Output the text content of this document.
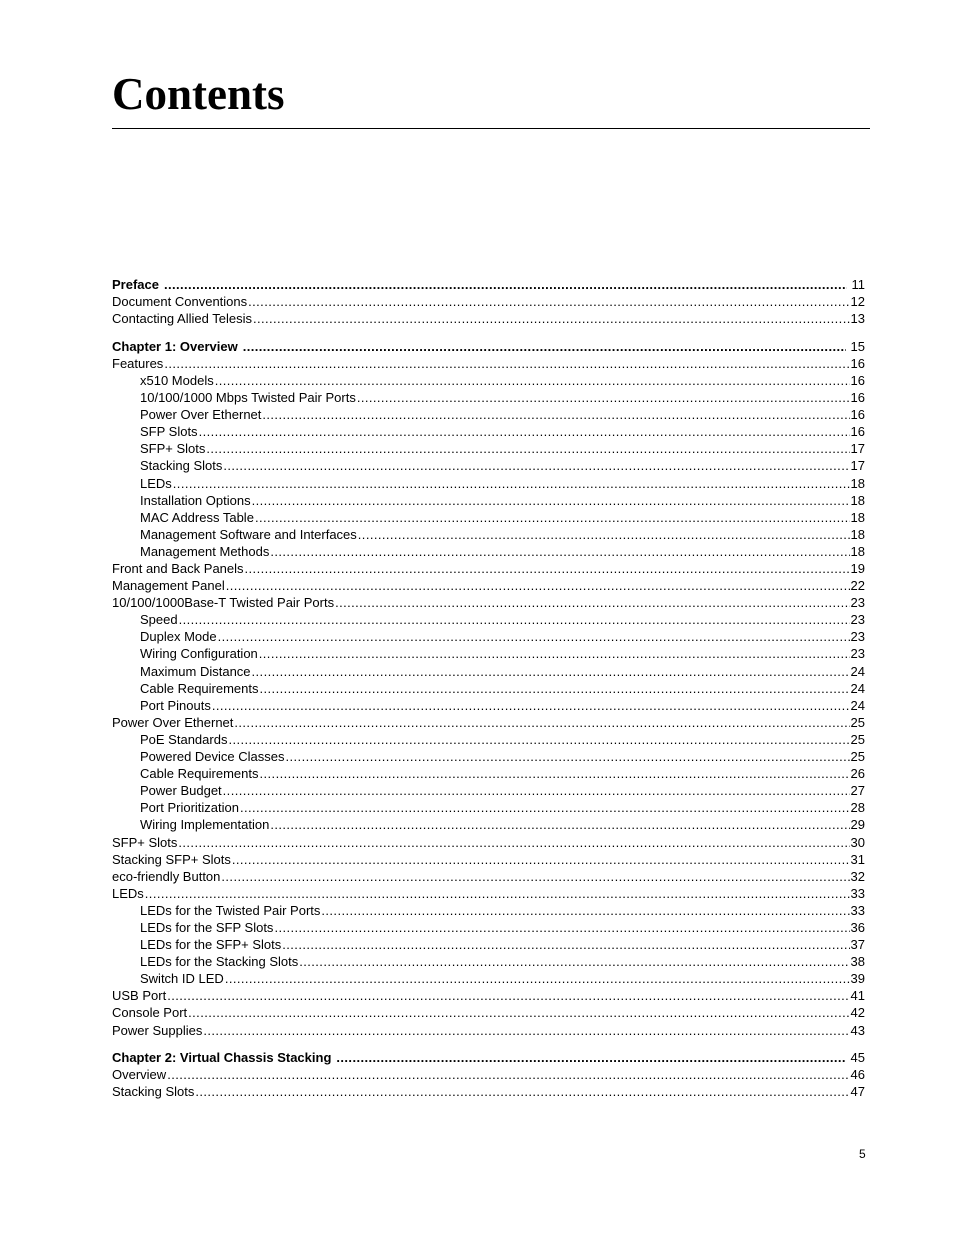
Contents
Preface .....	11
Document Conventions .....	12
Contacting Allied Telesis .....	13
Chapter 1: Overview .....	15
Features .....	16
x510 Models .....	16
10/100/1000 Mbps Twisted Pair Ports .....	16
Power Over Ethernet .....	16
SFP Slots .....	16
SFP+ Slots .....	17
Stacking Slots .....	17
LEDs .....	18
Installation Options .....	18
MAC Address Table .....	18
Management Software and Interfaces .....	18
Management Methods .....	18
Front and Back Panels .....	19
Management Panel .....	22
10/100/1000Base-T Twisted Pair Ports .....	23
Speed .....	23
Duplex Mode .....	23
Wiring Configuration .....	23
Maximum Distance .....	24
Cable Requirements .....	24
Port Pinouts .....	24
Power Over Ethernet .....	25
PoE Standards .....	25
Powered Device Classes .....	25
Cable Requirements .....	26
Power Budget .....	27
Port Prioritization .....	28
Wiring Implementation .....	29
SFP+ Slots .....	30
Stacking SFP+ Slots .....	31
eco-friendly Button .....	32
LEDs .....	33
LEDs for the Twisted Pair Ports .....	33
LEDs for the SFP Slots .....	36
LEDs for the SFP+ Slots .....	37
LEDs for the Stacking Slots .....	38
Switch ID LED .....	39
USB Port .....	41
Console Port .....	42
Power Supplies .....	43
Chapter 2: Virtual Chassis Stacking .....	45
Overview .....	46
Stacking Slots .....	47
5
